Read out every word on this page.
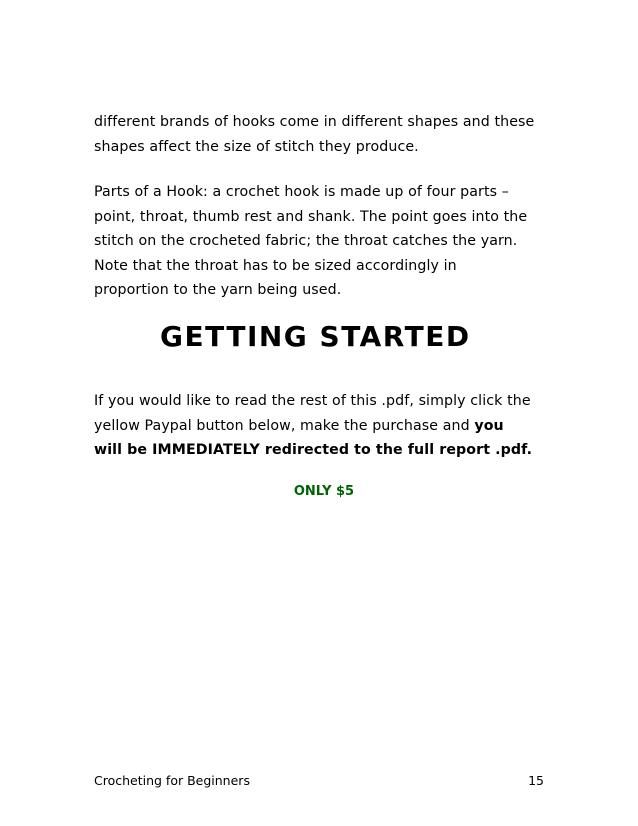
different brands of hooks come in different shapes and these
shapes affect the size of stitch they produce.
Parts of a Hook: a crochet hook is made up of four parts –
point, throat, thumb rest and shank. The point goes into the
stitch on the crocheted fabric; the throat catches the yarn.
Note that the throat has to be sized accordingly in
proportion to the yarn being used.
GETTING STARTED
If you would like to read the rest of this .pdf, simply click the
yellow Paypal button below, make the purchase and you
will be IMMEDIATELY redirected to the full report .pdf.
ONLY $5
Crocheting for Beginners	15
